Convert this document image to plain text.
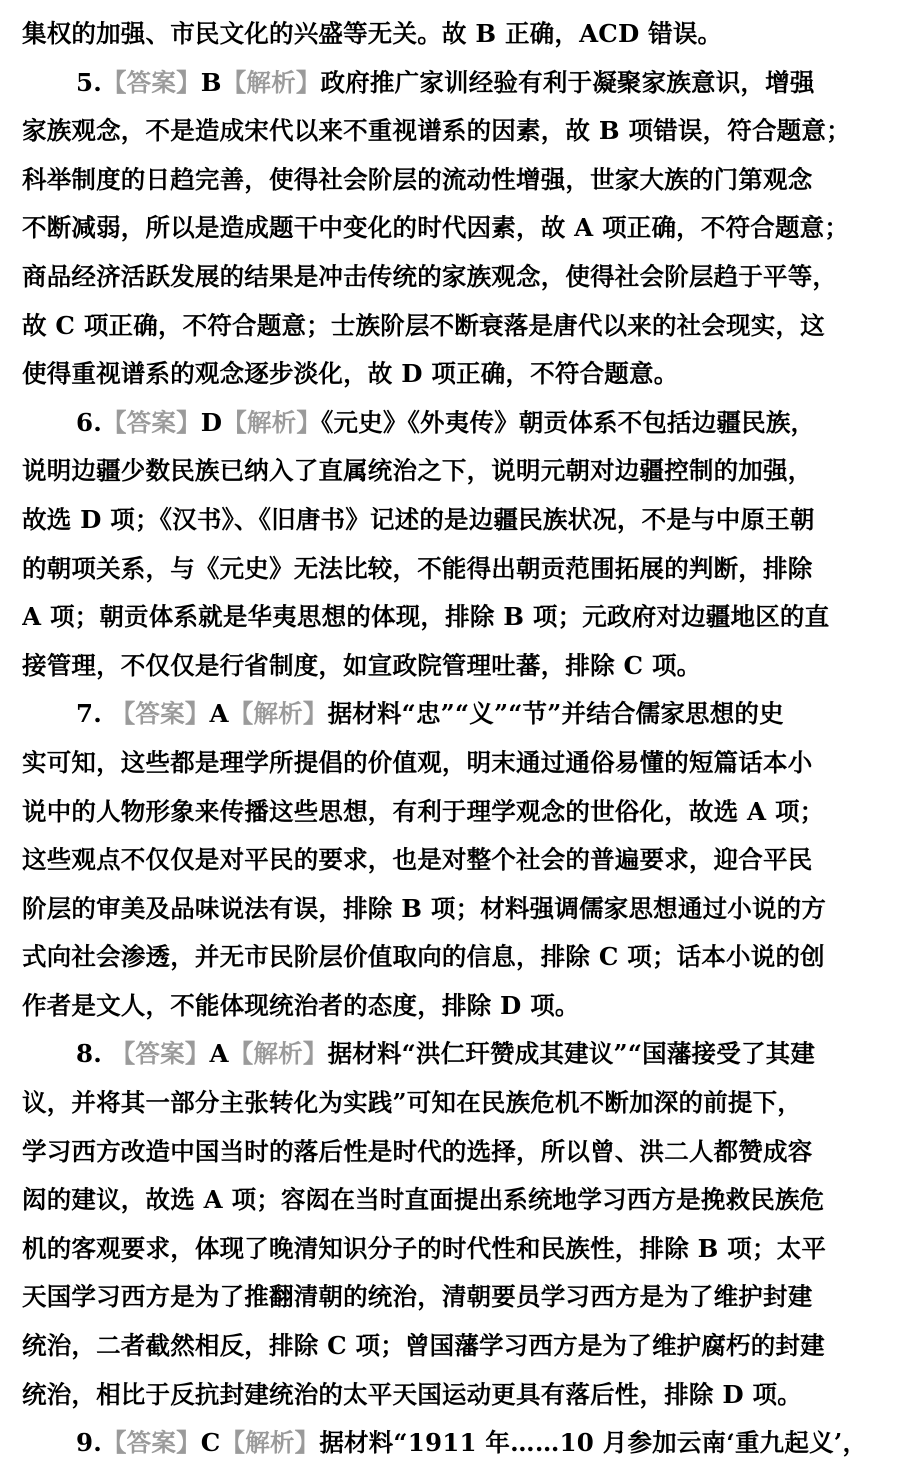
集权的加强、市民文化的兴盛等无关。故 B 正确，ACD 错误。
5.【答案】B【解析】政府推广家训经验有利于凝聚家族意识，增强
家族观念，不是造成宋代以来不重视谱系的因素，故 B 项错误，符合题意；
科举制度的日趋完善，使得社会阶层的流动性增强，世家大族的门第观念
不断减弱，所以是造成题干中变化的时代因素，故 A 项正确，不符合题意；
商品经济活跃发展的结果是冲击传统的家族观念，使得社会阶层趋于平等，
故 C 项正确，不符合题意；士族阶层不断衰落是唐代以来的社会现实，这
使得重视谱系的观念逐步淡化，故 D 项正确，不符合题意。
6.【答案】D【解析】《元史》《外夷传》朝贡体系不包括边疆民族，
说明边疆少数民族已纳入了直属统治之下，说明元朝对边疆控制的加强，
故选 D 项；《汉书》、《旧唐书》记述的是边疆民族状况，不是与中原王朝
的朝项关系，与《元史》无法比较，不能得出朝贡范围拓展的判断，排除
A 项；朝贡体系就是华夷思想的体现，排除 B 项；元政府对边疆地区的直
接管理，不仅仅是行省制度，如宣政院管理吐蕃，排除 C 项。
7. 【答案】A【解析】据材料“忠”“义”“节”并结合儒家思想的史
实可知，这些都是理学所提倡的价值观，明末通过通俗易懂的短篇话本小
说中的人物形象来传播这些思想，有利于理学观念的世俗化，故选 A 项；
这些观点不仅仅是对平民的要求，也是对整个社会的普遍要求，迎合平民
阶层的审美及品味说法有误，排除 B 项；材料强调儒家思想通过小说的方
式向社会渗透，并无市民阶层价值取向的信息，排除 C 项；话本小说的创
作者是文人，不能体现统治者的态度，排除 D 项。
8. 【答案】A【解析】据材料“洪仁玕赞成其建议”“国藩接受了其建
议，并将其一部分主张转化为实践”可知在民族危机不断加深的前提下，
学习西方改造中国当时的落后性是时代的选择，所以曾、洪二人都赞成容
闳的建议，故选 A 项；容闳在当时直面提出系统地学习西方是挽救民族危
机的客观要求，体现了晚清知识分子的时代性和民族性，排除 B 项；太平
天国学习西方是为了推翻清朝的统治，清朝要员学习西方是为了维护封建
统治，二者截然相反，排除 C 项；曾国藩学习西方是为了维护腐朽的封建
统治，相比于反抗封建统治的太平天国运动更具有落后性，排除 D 项。
9.【答案】C【解析】据材料“1911 年……10 月参加云南‘重九起义’，
